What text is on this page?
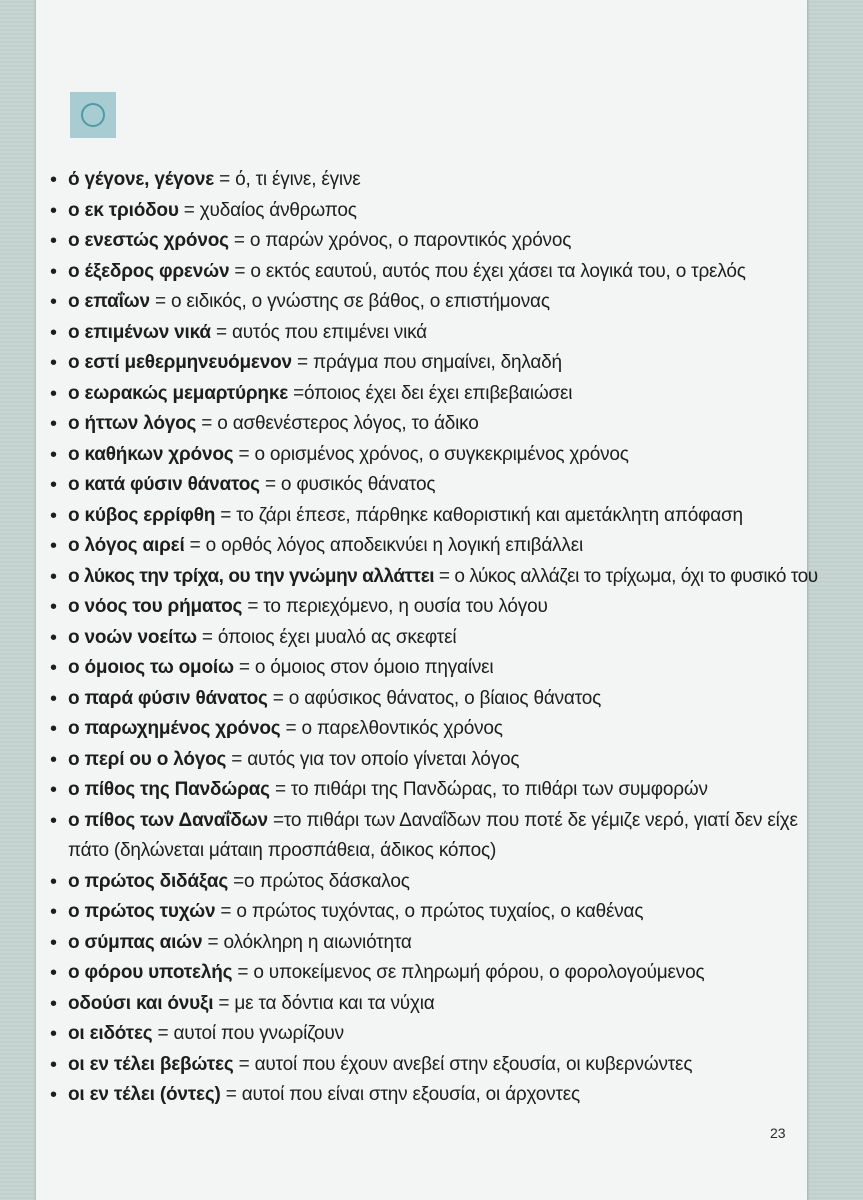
• ό γέγονε, γέγονε = ό, τι έγινε, έγινε
• ο εκ τριόδου = χυδαίος άνθρωπος
• ο ενεστώς χρόνος = ο παρών χρόνος, ο παροντικός χρόνος
• ο έξεδρος φρενών = ο εκτός εαυτού, αυτός που έχει χάσει τα λογικά του, ο τρελός
• ο επαΐων = ο ειδικός, ο γνώστης σε βάθος, ο επιστήμονας
• ο επιμένων νικά = αυτός που επιμένει νικά
• ο εστί μεθερμηνευόμενον = πράγμα που σημαίνει, δηλαδή
• ο εωρακώς μεμαρτύρηκε =όποιος έχει δει έχει επιβεβαιώσει
• ο ήττων λόγος = ο ασθενέστερος λόγος, το άδικο
• ο καθήκων χρόνος = ο ορισμένος χρόνος, ο συγκεκριμένος χρόνος
• ο κατά φύσιν θάνατος = ο φυσικός θάνατος
• ο κύβος ερρίφθη = το ζάρι έπεσε, πάρθηκε καθοριστική και αμετάκλητη απόφαση
• ο λόγος αιρεί = ο ορθός λόγος αποδεικνύει η λογική επιβάλλει
• ο λύκος την τρίχα, ου την γνώμην αλλάττει = ο λύκος αλλάζει το τρίχωμα, όχι το φυσικό του
• ο νόος του ρήματος = το περιεχόμενο, η ουσία του λόγου
• ο νοών νοείτω = όποιος έχει μυαλό ας σκεφτεί
• ο όμοιος τω ομοίω = ο όμοιος στον όμοιο πηγαίνει
• ο παρά φύσιν θάνατος = ο αφύσικος θάνατος, ο βίαιος θάνατος
• ο παρωχημένος χρόνος = ο παρελθοντικός χρόνος
• ο περί ου ο λόγος = αυτός για τον οποίο γίνεται λόγος
• ο πίθος της Πανδώρας = το πιθάρι της Πανδώρας, το πιθάρι των συμφορών
• ο πίθος των Δαναΐδων =το πιθάρι των Δαναΐδων που ποτέ δε γέμιζε νερό, γιατί δεν είχε πάτο (δηλώνεται μάταιη προσπάθεια, άδικος κόπος)
• ο πρώτος διδάξας =ο πρώτος δάσκαλος
• ο πρώτος τυχών = ο πρώτος τυχόντας, ο πρώτος τυχαίος, ο καθένας
• ο σύμπας αιών = ολόκληρη η αιωνιότητα
• ο φόρου υποτελής = ο υποκείμενος σε πληρωμή φόρου, ο φορολογούμενος
• οδούσι και όνυξι = με τα δόντια και τα νύχια
• οι ειδότες = αυτοί που γνωρίζουν
• οι εν τέλει βεβώτες = αυτοί που έχουν ανεβεί στην εξουσία, οι κυβερνώντες
• οι εν τέλει (όντες) = αυτοί που είναι στην εξουσία, οι άρχοντες
23
